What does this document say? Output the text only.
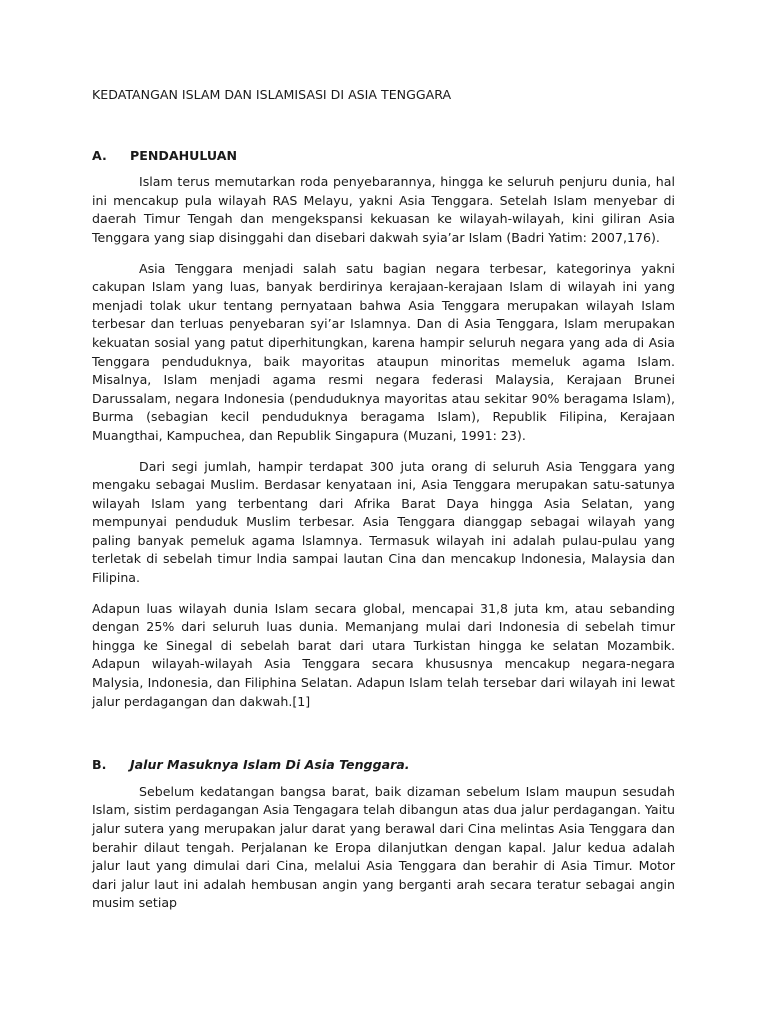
KEDATANGAN ISLAM DAN ISLAMISASI DI ASIA TENGGARA
A. PENDAHULUAN

Islam terus memutarkan roda penyebarannya, hingga ke seluruh penjuru dunia, hal ini mencakup pula wilayah RAS Melayu, yakni Asia Tenggara. Setelah Islam menyebar di daerah Timur Tengah dan mengekspansi kekuasan ke wilayah-wilayah, kini giliran Asia Tenggara yang siap disinggahi dan disebari dakwah syia’ar Islam (Badri Yatim: 2007,176).

Asia Tenggara menjadi salah satu bagian negara terbesar, kategorinya yakni cakupan Islam yang luas, banyak berdirinya kerajaan-kerajaan Islam di wilayah ini yang menjadi tolak ukur tentang pernyataan bahwa Asia Tenggara merupakan wilayah Islam terbesar dan terluas penyebaran syi’ar Islamnya. Dan di Asia Tenggara, Islam merupakan kekuatan sosial yang patut diperhitungkan, karena hampir seluruh negara yang ada di Asia Tenggara penduduknya, baik mayoritas ataupun minoritas memeluk agama Islam. Misalnya, Islam menjadi agama resmi negara federasi Malaysia, Kerajaan Brunei Darussalam, negara Indonesia (penduduknya mayoritas atau sekitar 90% beragama Islam), Burma (sebagian kecil penduduknya beragama Islam), Republik Filipina, Kerajaan Muangthai, Kampuchea, dan Republik Singapura (Muzani, 1991: 23).

Dari segi jumlah, hampir terdapat 300 juta orang di seluruh Asia Tenggara yang mengaku sebagai Muslim. Berdasar kenyataan ini, Asia Tenggara merupakan satu-satunya wilayah Islam yang terbentang dari Afrika Barat Daya hingga Asia Selatan, yang mempunyai penduduk Muslim terbesar. Asia Tenggara dianggap sebagai wilayah yang paling banyak pemeluk agama lslamnya. Termasuk wilayah ini adalah pulau-pulau yang terletak di sebelah timur lndia sampai lautan Cina dan mencakup lndonesia, Malaysia dan Filipina.

Adapun luas wilayah dunia Islam secara global, mencapai 31,8 juta km, atau sebanding dengan 25% dari seluruh luas dunia. Memanjang mulai dari Indonesia di sebelah timur hingga ke Sinegal di sebelah barat dari utara Turkistan hingga ke selatan Mozambik. Adapun wilayah-wilayah Asia Tenggara secara khususnya mencakup negara-negara Malysia, Indonesia, dan Filiphina Selatan. Adapun Islam telah tersebar dari wilayah ini lewat jalur perdagangan dan dakwah.[1]

B. Jalur Masuknya Islam Di Asia Tenggara.

Sebelum kedatangan bangsa barat, baik dizaman sebelum Islam maupun sesudah Islam, sistim perdagangan Asia Tengagara telah dibangun atas dua jalur perdagangan. Yaitu jalur sutera yang merupakan jalur darat yang berawal dari Cina melintas Asia Tenggara dan berahir dilaut tengah. Perjalanan ke Eropa dilanjutkan dengan kapal. Jalur kedua adalah jalur laut yang dimulai dari Cina, melalui Asia Tenggara dan berahir di Asia Timur. Motor dari jalur laut ini adalah hembusan angin yang berganti arah secara teratur sebagai angin musim setiap
